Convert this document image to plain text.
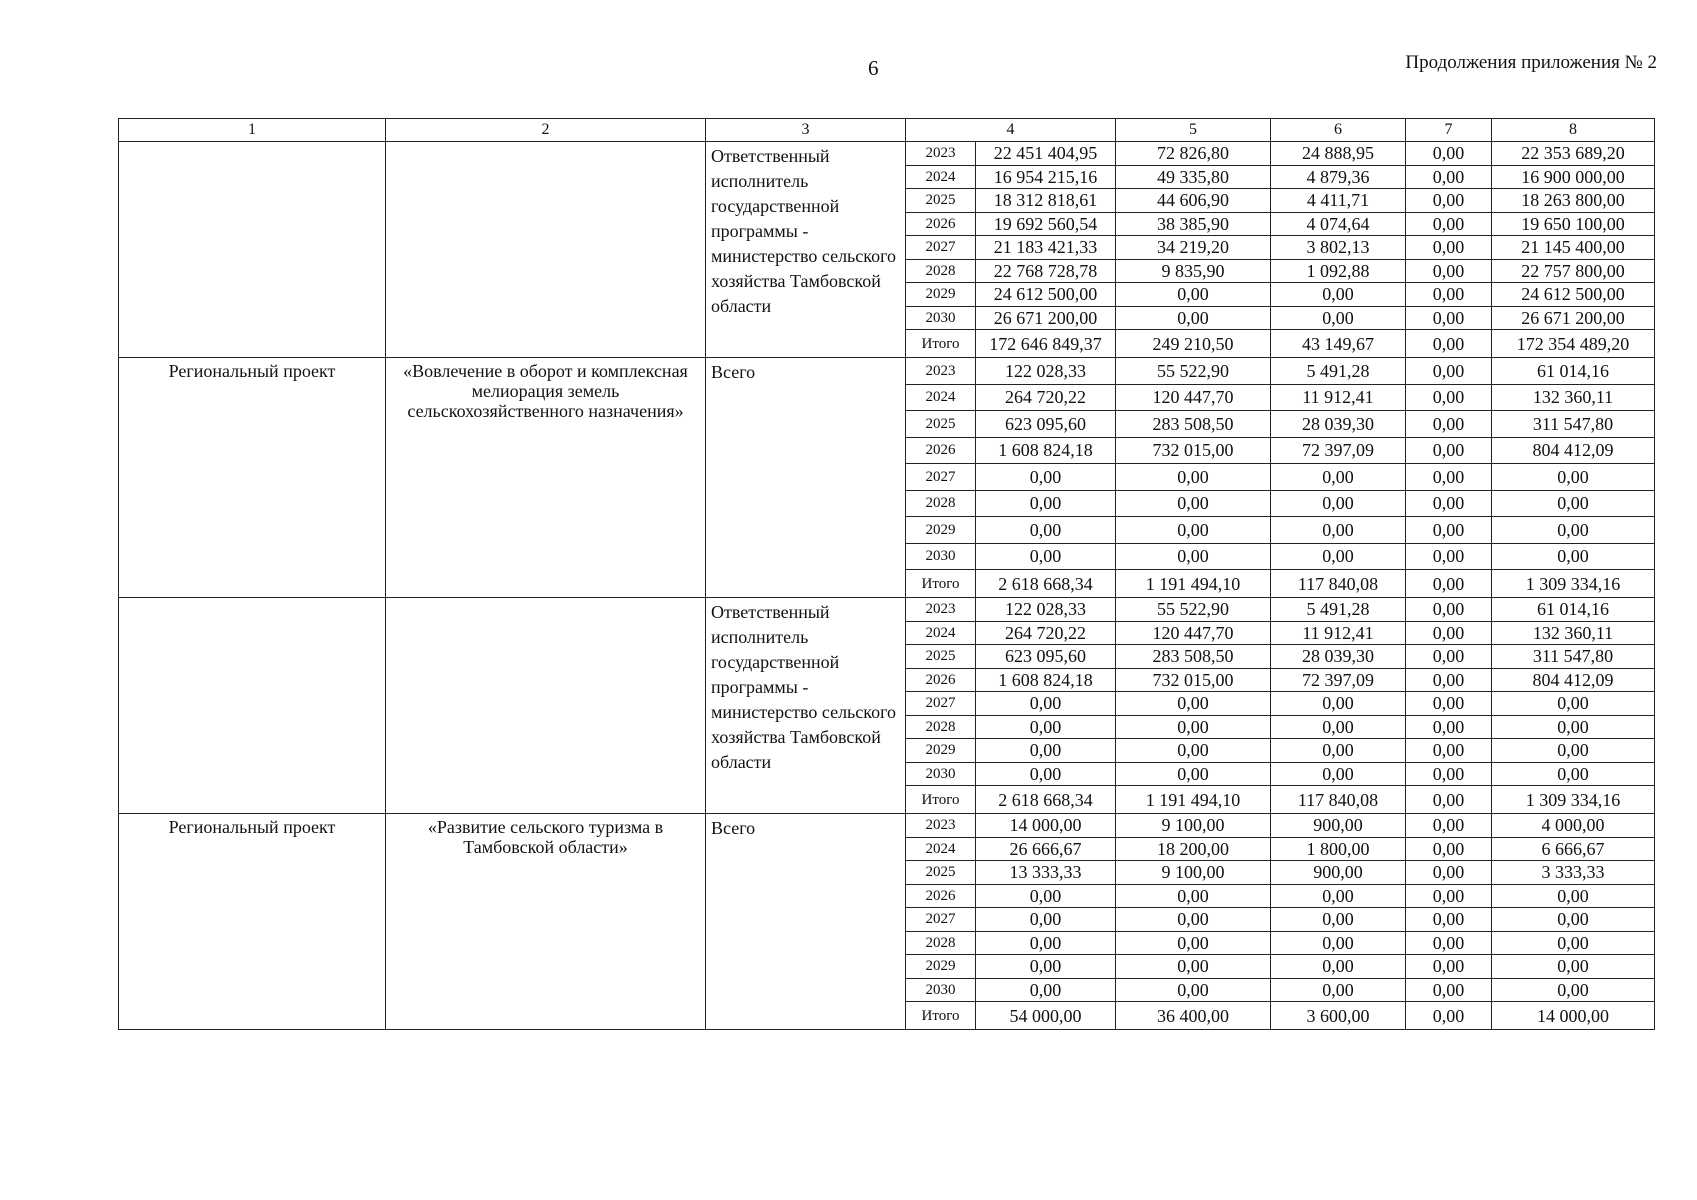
6	Продолжения приложения № 2
1	2	3	4		5	6	7	8
		Ответственный исполнитель государственной программы - министерство сельского хозяйства Тамбовской области	2023	22 451 404,95	72 826,80	24 888,95	0,00	22 353 689,20
			2024	16 954 215,16	49 335,80	4 879,36	0,00	16 900 000,00
			2025	18 312 818,61	44 606,90	4 411,71	0,00	18 263 800,00
			2026	19 692 560,54	38 385,90	4 074,64	0,00	19 650 100,00
			2027	21 183 421,33	34 219,20	3 802,13	0,00	21 145 400,00
			2028	22 768 728,78	9 835,90	1 092,88	0,00	22 757 800,00
			2029	24 612 500,00	0,00	0,00	0,00	24 612 500,00
			2030	26 671 200,00	0,00	0,00	0,00	26 671 200,00
			Итого	172 646 849,37	249 210,50	43 149,67	0,00	172 354 489,20
Региональный проект	«Вовлечение в оборот и комплексная мелиорация земель сельскохозяйственного назначения»	Всего	2023	122 028,33	55 522,90	5 491,28	0,00	61 014,16
			2024	264 720,22	120 447,70	11 912,41	0,00	132 360,11
			2025	623 095,60	283 508,50	28 039,30	0,00	311 547,80
			2026	1 608 824,18	732 015,00	72 397,09	0,00	804 412,09
			2027	0,00	0,00	0,00	0,00	0,00
			2028	0,00	0,00	0,00	0,00	0,00
			2029	0,00	0,00	0,00	0,00	0,00
			2030	0,00	0,00	0,00	0,00	0,00
			Итого	2 618 668,34	1 191 494,10	117 840,08	0,00	1 309 334,16
		Ответственный исполнитель государственной программы - министерство сельского хозяйства Тамбовской области	2023	122 028,33	55 522,90	5 491,28	0,00	61 014,16
			2024	264 720,22	120 447,70	11 912,41	0,00	132 360,11
			2025	623 095,60	283 508,50	28 039,30	0,00	311 547,80
			2026	1 608 824,18	732 015,00	72 397,09	0,00	804 412,09
			2027	0,00	0,00	0,00	0,00	0,00
			2028	0,00	0,00	0,00	0,00	0,00
			2029	0,00	0,00	0,00	0,00	0,00
			2030	0,00	0,00	0,00	0,00	0,00
			Итого	2 618 668,34	1 191 494,10	117 840,08	0,00	1 309 334,16
Региональный проект	«Развитие сельского туризма в Тамбовской области»	Всего	2023	14 000,00	9 100,00	900,00	0,00	4 000,00
			2024	26 666,67	18 200,00	1 800,00	0,00	6 666,67
			2025	13 333,33	9 100,00	900,00	0,00	3 333,33
			2026	0,00	0,00	0,00	0,00	0,00
			2027	0,00	0,00	0,00	0,00	0,00
			2028	0,00	0,00	0,00	0,00	0,00
			2029	0,00	0,00	0,00	0,00	0,00
			2030	0,00	0,00	0,00	0,00	0,00
			Итого	54 000,00	36 400,00	3 600,00	0,00	14 000,00
